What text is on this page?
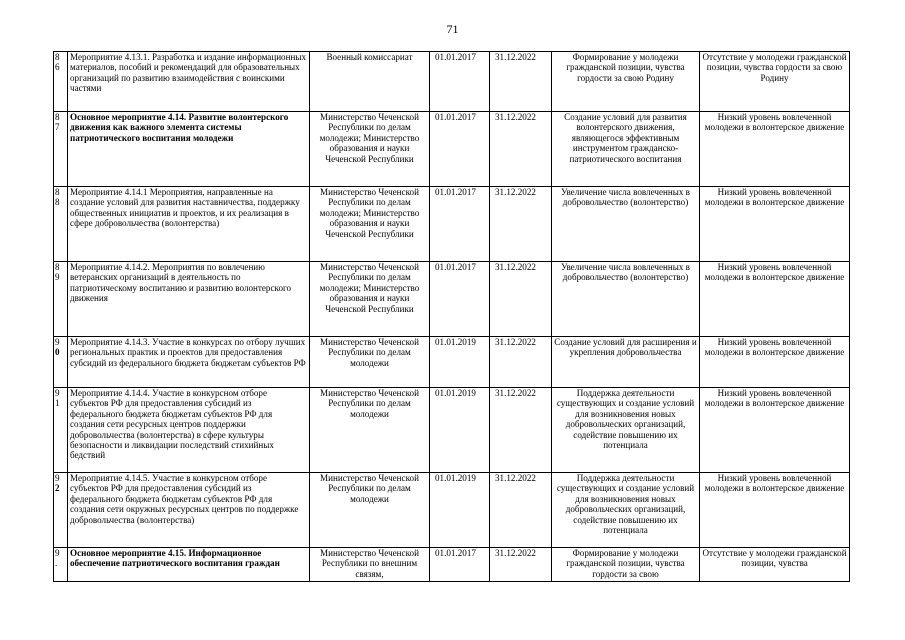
71
8
6	Мероприятие 4.13.1. Разработка и издание информационных материалов, пособий и рекомендаций для образовательных организаций по развитию взаимодействия с воинскими частями	Военный комиссариат	01.01.2017	31.12.2022	Формирование у молодежи гражданской позиции, чувства гордости за свою Родину	Отсутствие у молодежи гражданской позиции, чувства гордости за свою Родину

8
7	Основное мероприятие 4.14. Развитие волонтерского движения как важного элемента системы патриотического воспитания молодежи	Министерство Чеченской Республики по делам молодежи; Министерство образования и науки Чеченской Республики	01.01.2017	31.12.2022	Создание условий для развития волонтерского движения, являющегося эффективным инструментом гражданско-патриотического воспитания	Низкий уровень вовлеченной молодежи в волонтерское движение

8
8	Мероприятие 4.14.1 Мероприятия, направленные на создание условий для развития наставничества, поддержку общественных инициатив и проектов, и их реализация в сфере добровольчества (волонтерства)	Министерство Чеченской Республики по делам молодежи; Министерство образования и науки Чеченской Республики	01.01.2017	31.12.2022	Увеличение числа вовлеченных в добровольчество (волонтерство)	Низкий уровень вовлеченной молодежи в волонтерское движение

8
9	Мероприятие 4.14.2. Мероприятия по вовлечению ветеранских организаций в деятельность по патриотическому воспитанию и развитию волонтерского движения	Министерство Чеченской Республики по делам молодежи; Министерство образования и науки Чеченской Республики	01.01.2017	31.12.2022	Увеличение числа вовлеченных в добровольчество (волонтерство)	Низкий уровень вовлеченной молодежи в волонтерское движение

9
0	Мероприятие 4.14.3. Участие в конкурсах по отбору лучших региональных практик и проектов для предоставления субсидий из федерального бюджета бюджетам субъектов РФ	Министерство Чеченской Республики по делам молодежи	01.01.2019	31.12.2022	Создание условий для расширения и укрепления добровольчества	Низкий уровень вовлеченной молодежи в волонтерское движение

9
1	Мероприятие 4.14.4. Участие в конкурсном отборе субъектов РФ для предоставления субсидий из федерального бюджета бюджетам субъектов РФ для создания сети ресурсных центров поддержки добровольчества (волонтерства) в сфере культуры безопасности и ликвидации последствий стихийных бедствий	Министерство Чеченской Республики по делам молодежи	01.01.2019	31.12.2022	Поддержка деятельности существующих и создание условий для возникновения новых добровольческих организаций, содействие повышению их потенциала	Низкий уровень вовлеченной молодежи в волонтерское движение

9
2	Мероприятие 4.14.5. Участие в конкурсном отборе субъектов РФ для предоставления субсидий из федерального бюджета бюджетам субъектов РФ для создания сети окружных ресурсных центров по поддержке добровольчества (волонтерства)	Министерство Чеченской Республики по делам молодежи	01.01.2019	31.12.2022	Поддержка деятельности существующих и создание условий для возникновения новых добровольческих организаций, содействие повышению их потенциала	Низкий уровень вовлеченной молодежи в волонтерское движение

9
.	Основное мероприятие 4.15. Информационное обеспечение патриотического воспитания граждан	Министерство Чеченской Республики по внешним связям,	01.01.2017	31.12.2022	Формирование у молодежи гражданской позиции, чувства гордости за свою	Отсутствие у молодежи гражданской позиции, чувства
